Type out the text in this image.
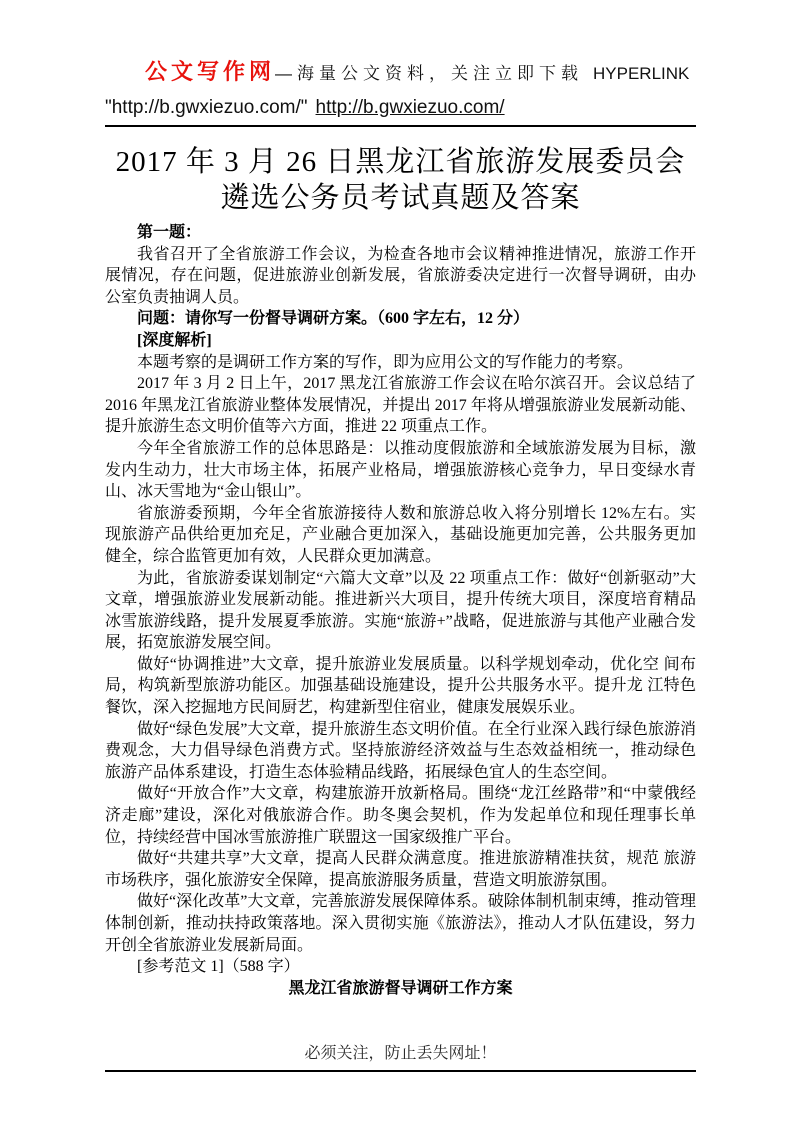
公文写作网 —海量公文资料，关注立即下载 HYPERLINK
"http://b.gwxiezuo.com/" http://b.gwxiezuo.com/
2017 年 3 月 26 日黑龙江省旅游发展委员会遴选公务员考试真题及答案

第一题：

我省召开了全省旅游工作会议，为检查各地市会议精神推进情况，旅游工作开展情况，存在问题，促进旅游业创新发展，省旅游委决定进行一次督导调研，由办公室负责抽调人员。

问题：请你写一份督导调研方案。（600 字左右，12 分）

[深度解析]

本题考察的是调研工作方案的写作，即为应用公文的写作能力的考察。

2017 年 3 月 2 日上午，2017 黑龙江省旅游工作会议在哈尔滨召开。会议总结了 2016 年黑龙江省旅游业整体发展情况，并提出 2017 年将从增强旅游业发展新动能、提升旅游生态文明价值等六方面，推进 22 项重点工作。

今年全省旅游工作的总体思路是：以推动度假旅游和全域旅游发展为目标，激发内生动力，壮大市场主体，拓展产业格局，增强旅游核心竞争力，早日变绿水青山、冰天雪地为“金山银山”。

省旅游委预期，今年全省旅游接待人数和旅游总收入将分别增长 12%左右。实现旅游产品供给更加充足，产业融合更加深入，基础设施更加完善，公共服务更加健全，综合监管更加有效，人民群众更加满意。

为此，省旅游委谋划制定“六篇大文章”以及 22 项重点工作：做好“创新驱动”大文章，增强旅游业发展新动能。推进新兴大项目，提升传统大项目，深度培育精品冰雪旅游线路，提升发展夏季旅游。实施“旅游+”战略，促进旅游与其他产业融合发展，拓宽旅游发展空间。

做好“协调推进”大文章，提升旅游业发展质量。以科学规划牵动，优化空 间布局，构筑新型旅游功能区。加强基础设施建设，提升公共服务水平。提升龙 江特色餐饮，深入挖掘地方民间厨艺，构建新型住宿业，健康发展娱乐业。

做好“绿色发展”大文章，提升旅游生态文明价值。在全行业深入践行绿色旅游消费观念，大力倡导绿色消费方式。坚持旅游经济效益与生态效益相统一，推动绿色旅游产品体系建设，打造生态体验精品线路，拓展绿色宜人的生态空间。

做好“开放合作”大文章，构建旅游开放新格局。围绕“龙江丝路带”和“中蒙俄经济走廊”建设，深化对俄旅游合作。助冬奥会契机，作为发起单位和现任理事长单位，持续经营中国冰雪旅游推广联盟这一国家级推广平台。

做好“共建共享”大文章，提高人民群众满意度。推进旅游精准扶贫，规范 旅游市场秩序，强化旅游安全保障，提高旅游服务质量，营造文明旅游氛围。

做好“深化改革”大文章，完善旅游发展保障体系。破除体制机制束缚，推动管理体制创新，推动扶持政策落地。深入贯彻实施《旅游法》，推动人才队伍建设，努力开创全省旅游业发展新局面。

[参考范文 1]（588 字）

黑龙江省旅游督导调研工作方案

必须关注，防止丢失网址！
